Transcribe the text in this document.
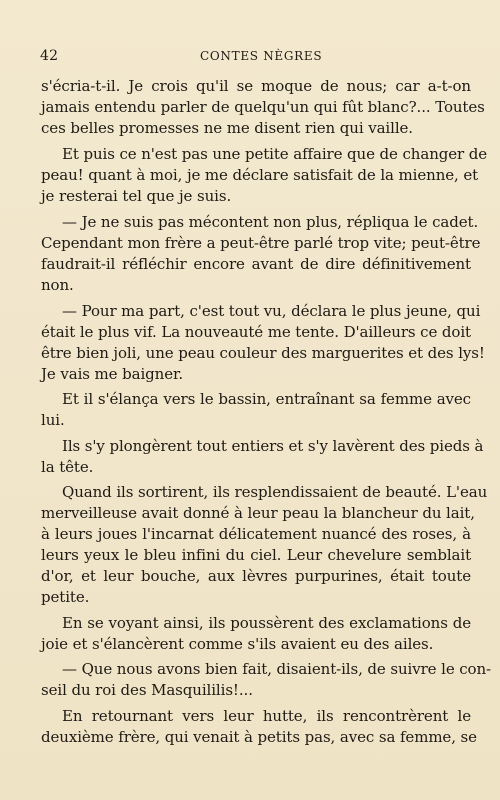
42	CONTES NÈGRES
s'écria-t-il. Je crois qu'il se moque de nous; car a-t-on
jamais entendu parler de quelqu'un qui fût blanc?... Toutes
ces belles promesses ne me disent rien qui vaille.
Et puis ce n'est pas une petite affaire que de changer de
peau! quant à moi, je me déclare satisfait de la mienne, et
je resterai tel que je suis.
— Je ne suis pas mécontent non plus, répliqua le cadet.
Cependant mon frère a peut-être parlé trop vite; peut-être
faudrait-il réfléchir encore avant de dire définitivement
non.
— Pour ma part, c'est tout vu, déclara le plus jeune, qui
était le plus vif. La nouveauté me tente. D'ailleurs ce doit
être bien joli, une peau couleur des marguerites et des lys!
Je vais me baigner.
Et il s'élança vers le bassin, entraînant sa femme avec
lui.
Ils s'y plongèrent tout entiers et s'y lavèrent des pieds à
la tête.
Quand ils sortirent, ils resplendissaient de beauté. L'eau
merveilleuse avait donné à leur peau la blancheur du lait,
à leurs joues l'incarnat délicatement nuancé des roses, à
leurs yeux le bleu infini du ciel. Leur chevelure semblait
d'or, et leur bouche, aux lèvres purpurines, était toute
petite.
En se voyant ainsi, ils poussèrent des exclamations de
joie et s'élancèrent comme s'ils avaient eu des ailes.
— Que nous avons bien fait, disaient-ils, de suivre le con-
seil du roi des Masquililis!...
En retournant vers leur hutte, ils rencontrèrent le
deuxième frère, qui venait à petits pas, avec sa femme, se
